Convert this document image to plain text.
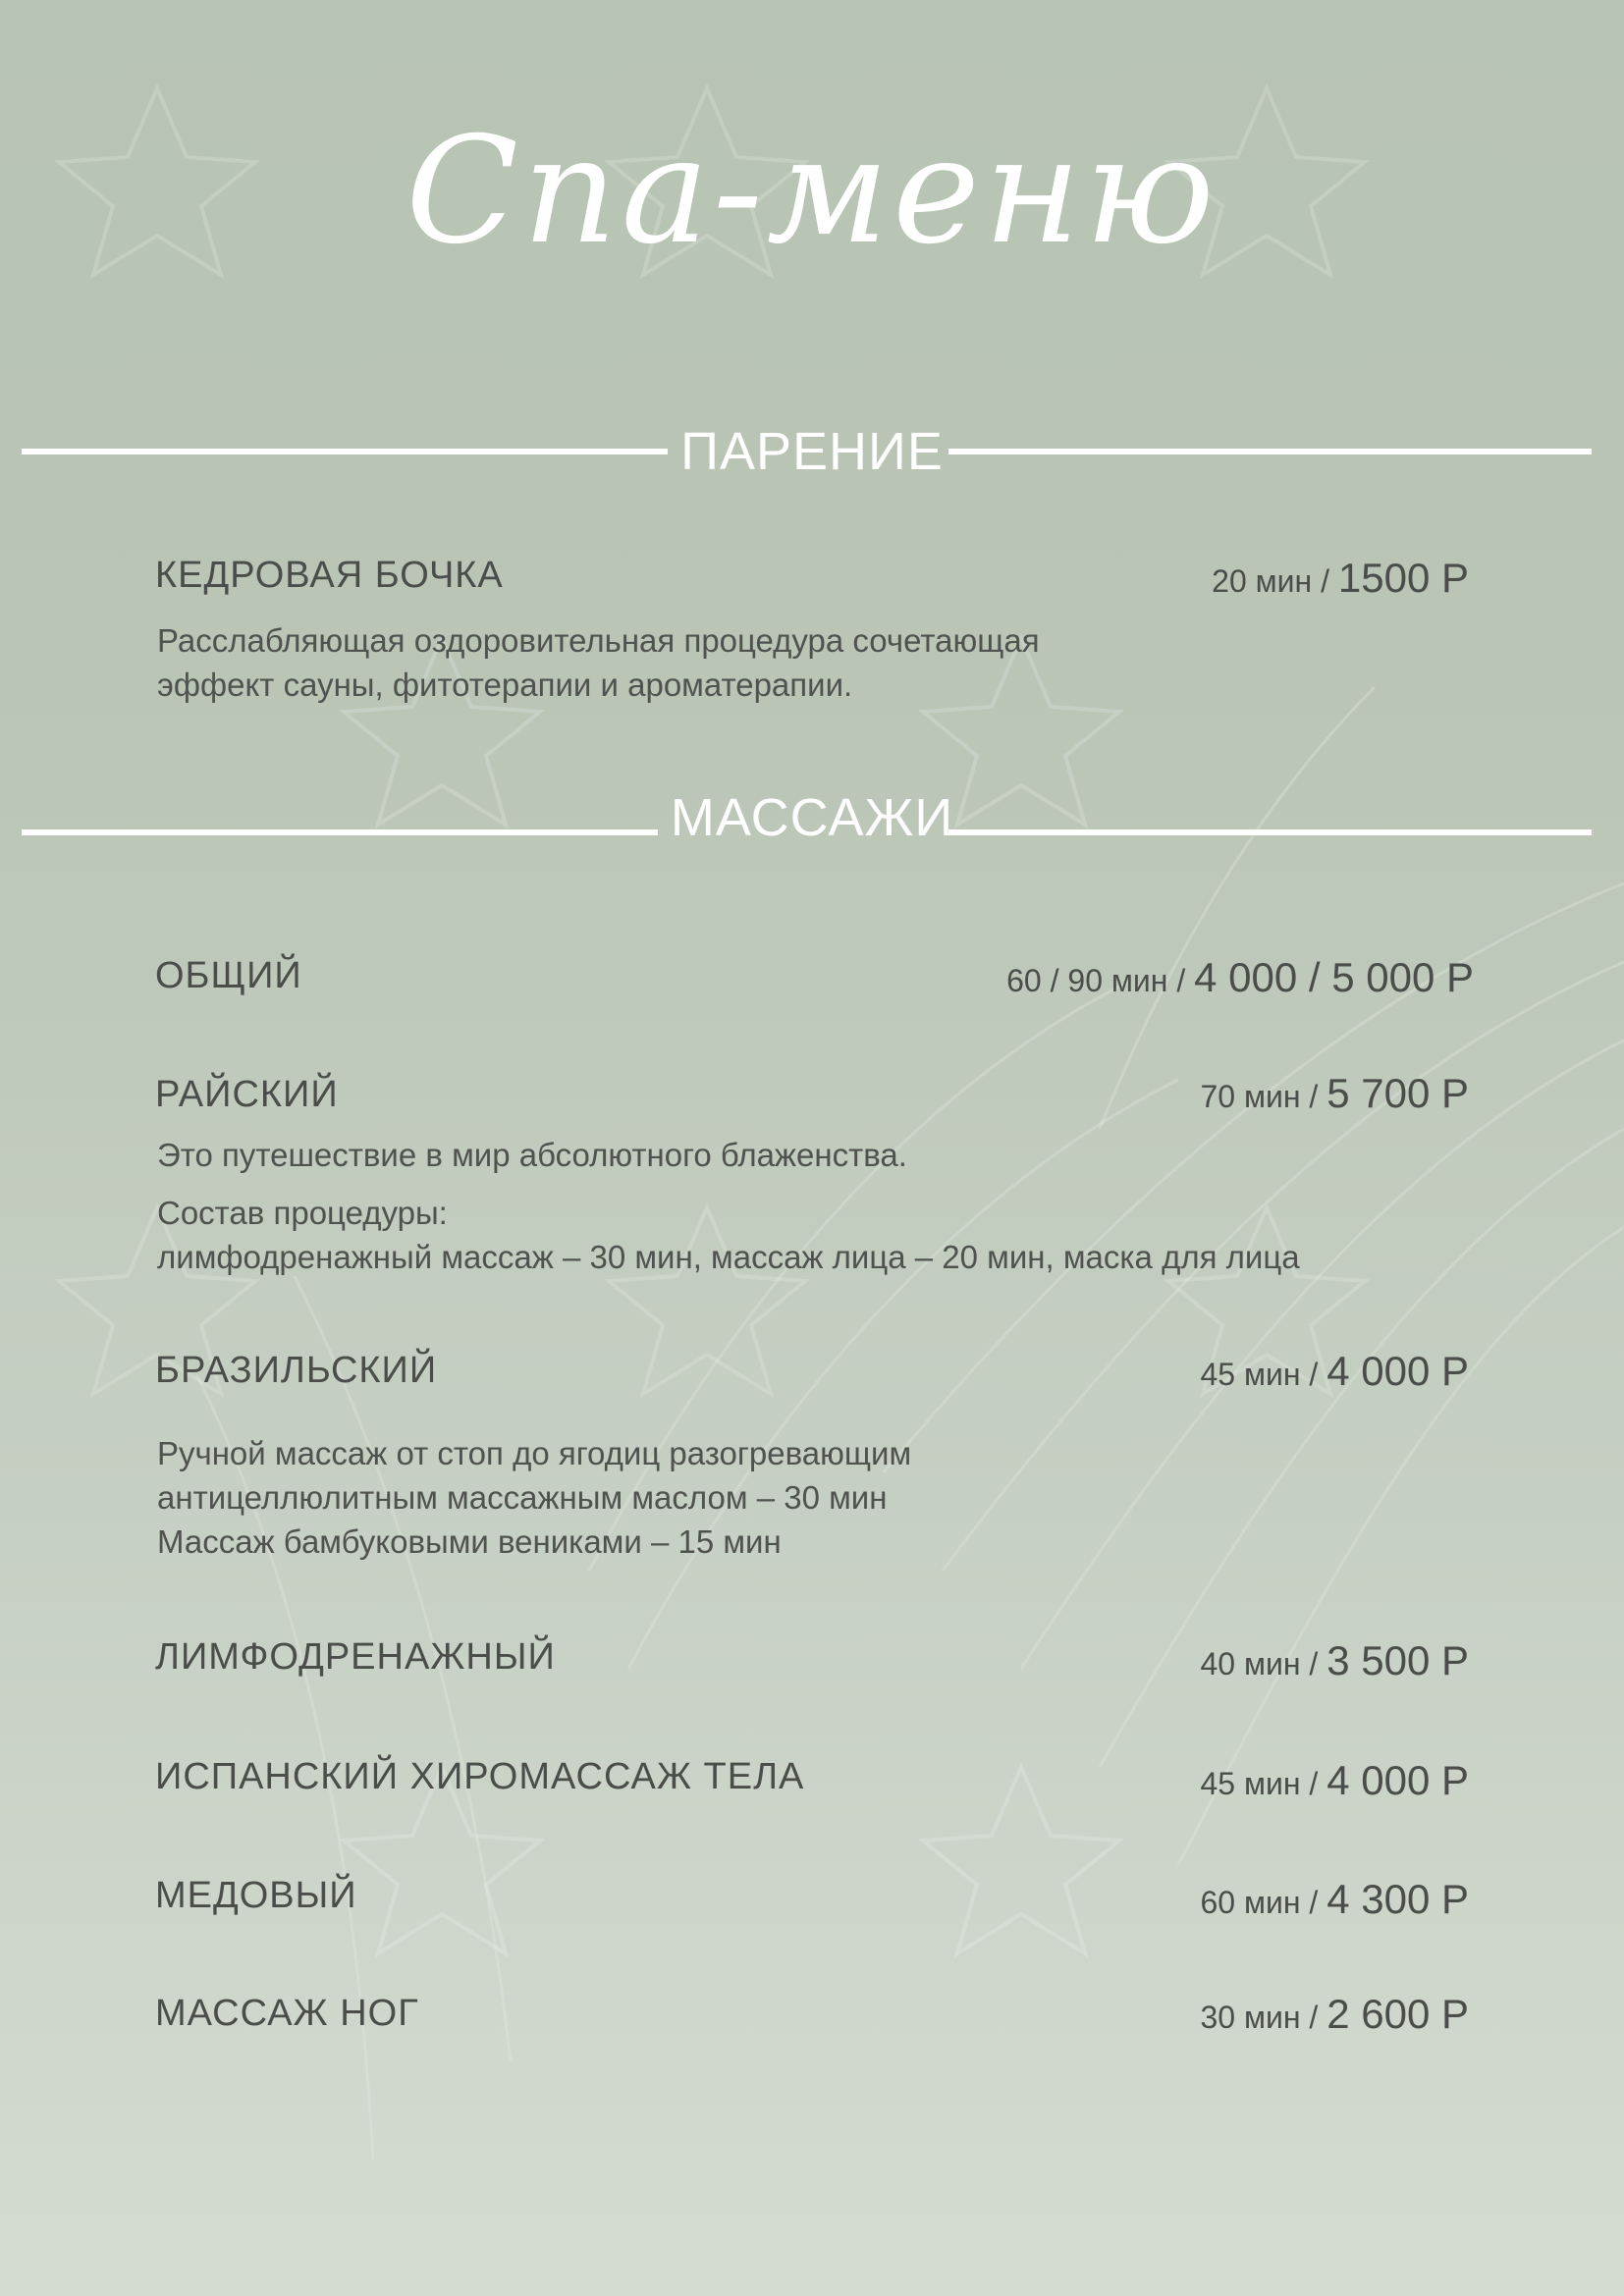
Спа-меню
ПАРЕНИЕ
КЕДРОВАЯ БОЧКА	20 мин / 1500 Р
Расслабляющая оздоровительная процедура сочетающая
эффект сауны, фитотерапии и ароматерапии.
МАССАЖИ
ОБЩИЙ	60 / 90 мин / 4 000 / 5 000 Р
РАЙСКИЙ	70 мин / 5 700 Р
Это путешествие в мир абсолютного блаженства.
Состав процедуры:
лимфодренажный массаж – 30 мин, массаж лица – 20 мин, маска для лица
БРАЗИЛЬСКИЙ	45 мин / 4 000 Р
Ручной массаж от стоп до ягодиц разогревающим
антицеллюлитным массажным маслом – 30 мин
Массаж бамбуковыми вениками – 15 мин
ЛИМФОДРЕНАЖНЫЙ	40 мин / 3 500 Р
ИСПАНСКИЙ ХИРОМАССАЖ ТЕЛА	45 мин / 4 000 Р
МЕДОВЫЙ	60 мин / 4 300 Р
МАССАЖ НОГ	30 мин / 2 600 Р
